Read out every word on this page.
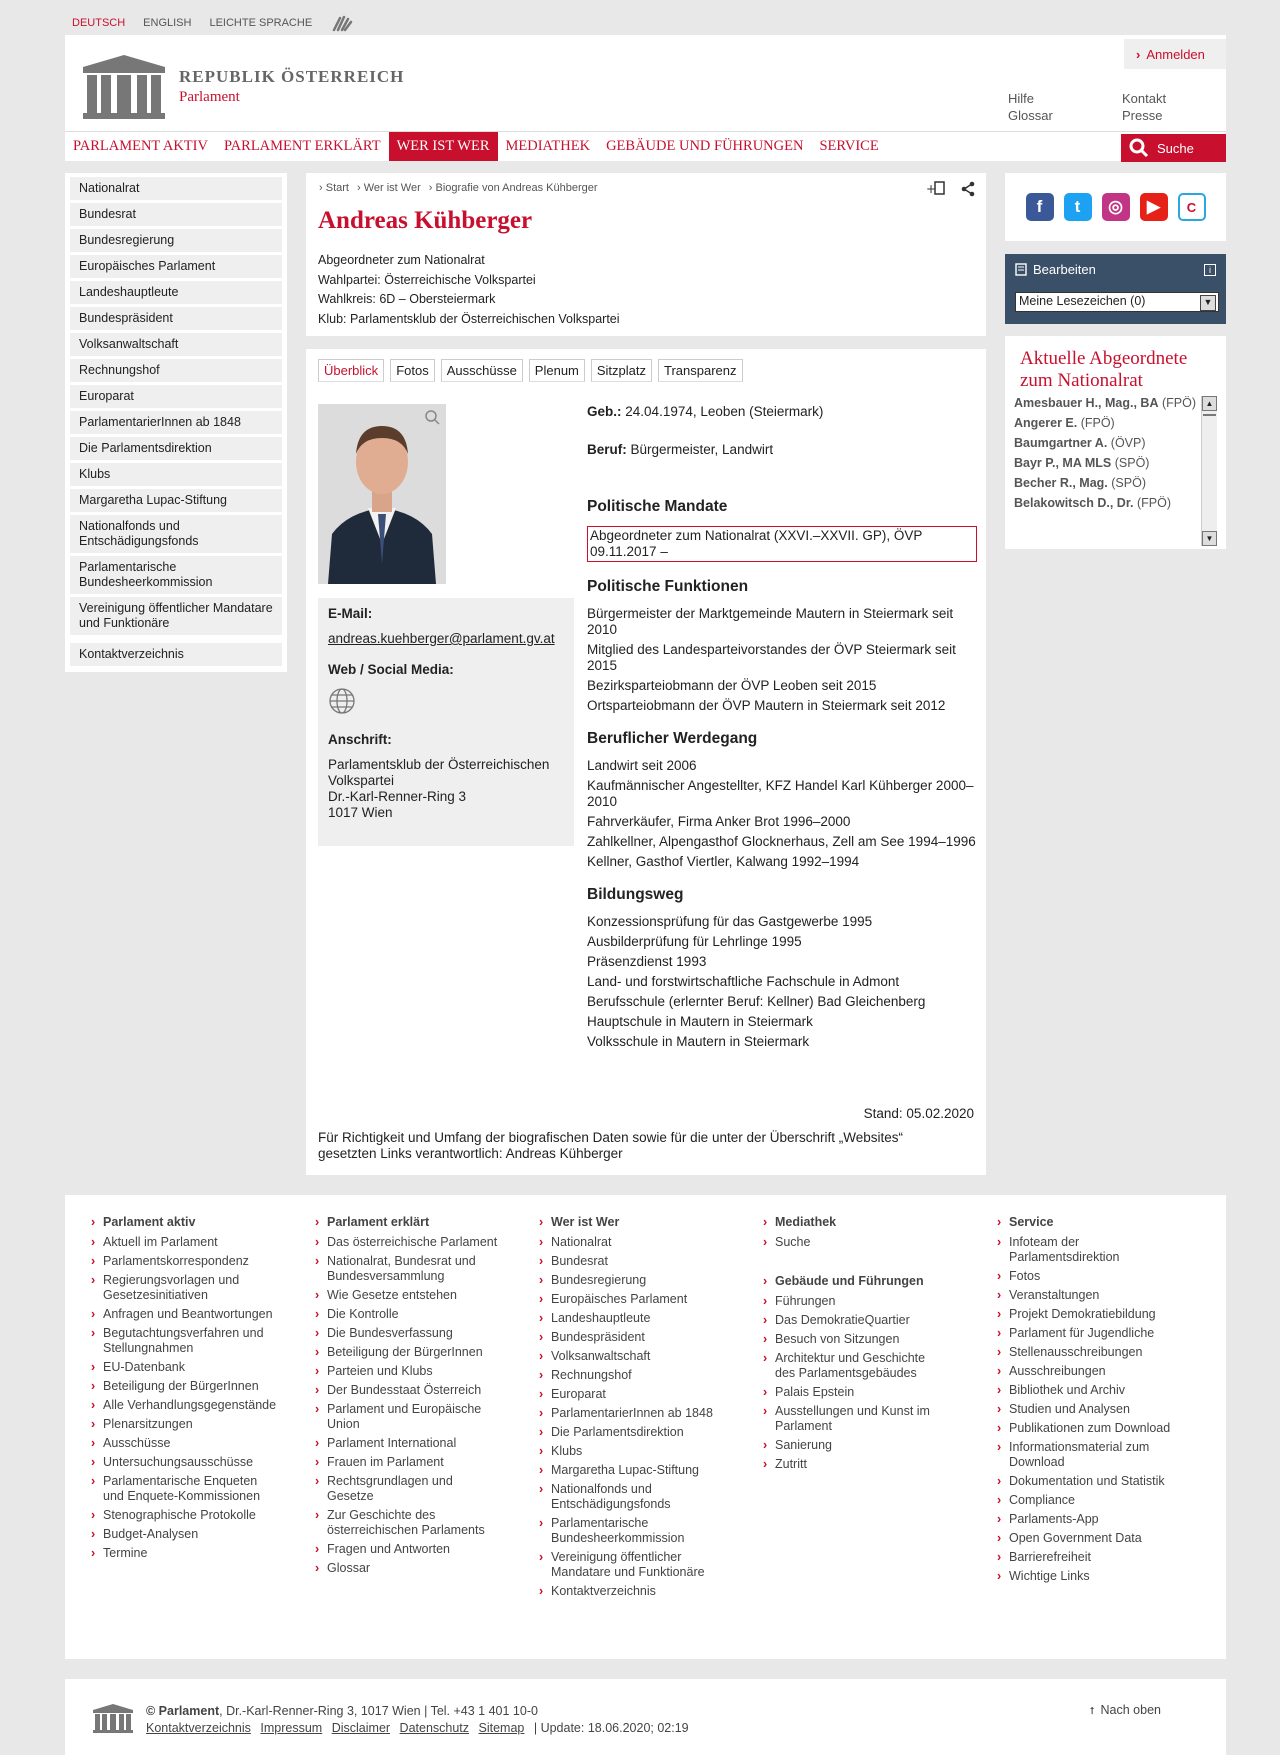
DEUTSCH ENGLISH LEICHTE SPRACHE
REPUBLIK ÖSTERREICH
Parlament
› Anmelden
Hilfe	Kontakt
Glossar	Presse
PARLAMENT AKTIV	PARLAMENT ERKLÄRT	WER IST WER	MEDIATHEK	GEBÄUDE UND FÜHRUNGEN	SERVICE	Suche
Nationalrat
Bundesrat
Bundesregierung
Europäisches Parlament
Landeshauptleute
Bundespräsident
Volksanwaltschaft
Rechnungshof
Europarat
ParlamentarierInnen ab 1848
Die Parlamentsdirektion
Klubs
Margaretha Lupac-Stiftung
Nationalfonds und Entschädigungsfonds
Parlamentarische Bundesheerkommission
Vereinigung öffentlicher Mandatare und Funktionäre
Kontaktverzeichnis
› Start	› Wer ist Wer	› Biografie von Andreas Kühberger	+
Andreas Kühberger
Abgeordneter zum Nationalrat
Wahlpartei: Österreichische Volkspartei
Wahlkreis: 6D – Obersteiermark
Klub: Parlamentsklub der Österreichischen Volkspartei
Überblick	Fotos	Ausschüsse	Plenum	Sitzplatz	Transparenz
E-Mail:
andreas.kuehberger@parlament.gv.at
Web / Social Media:
Anschrift:
Parlamentsklub der Österreichischen Volkspartei
Dr.-Karl-Renner-Ring 3
1017 Wien

Geb.: 24.04.1974, Leoben (Steiermark)

Beruf: Bürgermeister, Landwirt

Politische Mandate
Abgeordneter zum Nationalrat (XXVI.–XXVII. GP), ÖVP
09.11.2017 –
Politische Funktionen

Bürgermeister der Marktgemeinde Mautern in Steiermark seit 2010

Mitglied des Landesparteivorstandes der ÖVP Steiermark seit 2015

Bezirksparteiobmann der ÖVP Leoben seit 2015

Ortsparteiobmann der ÖVP Mautern in Steiermark seit 2012

Beruflicher Werdegang

Landwirt seit 2006

Kaufmännischer Angestellter, KFZ Handel Karl Kühberger 2000–2010

Fahrverkäufer, Firma Anker Brot 1996–2000

Zahlkellner, Alpengasthof Glocknerhaus, Zell am See 1994–1996

Kellner, Gasthof Viertler, Kalwang 1992–1994

Bildungsweg

Konzessionsprüfung für das Gastgewerbe 1995

Ausbilderprüfung für Lehrlinge 1995

Präsenzdienst 1993

Land- und forstwirtschaftliche Fachschule in Admont

Berufsschule (erlernter Beruf: Kellner) Bad Gleichenberg

Hauptschule in Mautern in Steiermark

Volksschule in Mautern in Steiermark

Stand: 05.02.2020
Für Richtigkeit und Umfang der biografischen Daten sowie für die unter der Überschrift „Websites“ gesetzten Links verantwortlich: Andreas Kühberger
f	t	◎	▶	C
Bearbeiten	i
Meine Lesezeichen (0) ▼
Aktuelle Abgeordnete zum Nationalrat
Amesbauer H., Mag., BA (FPÖ)
Angerer E. (FPÖ)
Baumgartner A. (ÖVP)
Bayr P., MA MLS (SPÖ)
Becher R., Mag. (SPÖ)
Belakowitsch D., Dr. (FPÖ)
▲
▼
› Parlament aktiv
› Aktuell im Parlament
› Parlamentskorrespondenz
› Regierungsvorlagen und Gesetzesinitiativen
› Anfragen und Beantwortungen
› Begutachtungsverfahren und Stellungnahmen
› EU-Datenbank
› Beteiligung der BürgerInnen
› Alle Verhandlungsgegenstände
› Plenarsitzungen
› Ausschüsse
› Untersuchungsausschüsse
› Parlamentarische Enqueten und Enquete-Kommissionen
› Stenographische Protokolle
› Budget-Analysen
› Termine
› Parlament erklärt
› Das österreichische Parlament
› Nationalrat, Bundesrat und Bundesversammlung
› Wie Gesetze entstehen
› Die Kontrolle
› Die Bundesverfassung
› Beteiligung der BürgerInnen
› Parteien und Klubs
› Der Bundesstaat Österreich
› Parlament und Europäische Union
› Parlament International
› Frauen im Parlament
› Rechtsgrundlagen und Gesetze
› Zur Geschichte des österreichischen Parlaments
› Fragen und Antworten
› Glossar
› Wer ist Wer
› Nationalrat
› Bundesrat
› Bundesregierung
› Europäisches Parlament
› Landeshauptleute
› Bundespräsident
› Volksanwaltschaft
› Rechnungshof
› Europarat
› ParlamentarierInnen ab 1848
› Die Parlamentsdirektion
› Klubs
› Margaretha Lupac-Stiftung
› Nationalfonds und Entschädigungsfonds
› Parlamentarische Bundesheerkommission
› Vereinigung öffentlicher Mandatare und Funktionäre
› Kontaktverzeichnis
› Mediathek
› Suche
› Gebäude und Führungen
› Führungen
› Das DemokratieQuartier
› Besuch von Sitzungen
› Architektur und Geschichte des Parlamentsgebäudes
› Palais Epstein
› Ausstellungen und Kunst im Parlament
› Sanierung
› Zutritt
› Service
› Infoteam der Parlamentsdirektion
› Fotos
› Veranstaltungen
› Projekt Demokratiebildung
› Parlament für Jugendliche
› Stellenausschreibungen
› Ausschreibungen
› Bibliothek und Archiv
› Studien und Analysen
› Publikationen zum Download
› Informationsmaterial zum Download
› Dokumentation und Statistik
› Compliance
› Parlaments-App
› Open Government Data
› Barrierefreiheit
› Wichtige Links
© Parlament, Dr.-Karl-Renner-Ring 3, 1017 Wien | Tel. +43 1 401 10-0
Kontaktverzeichnis Impressum Disclaimer Datenschutz Sitemap | Update: 18.06.2020; 02:19
⭡ Nach oben
